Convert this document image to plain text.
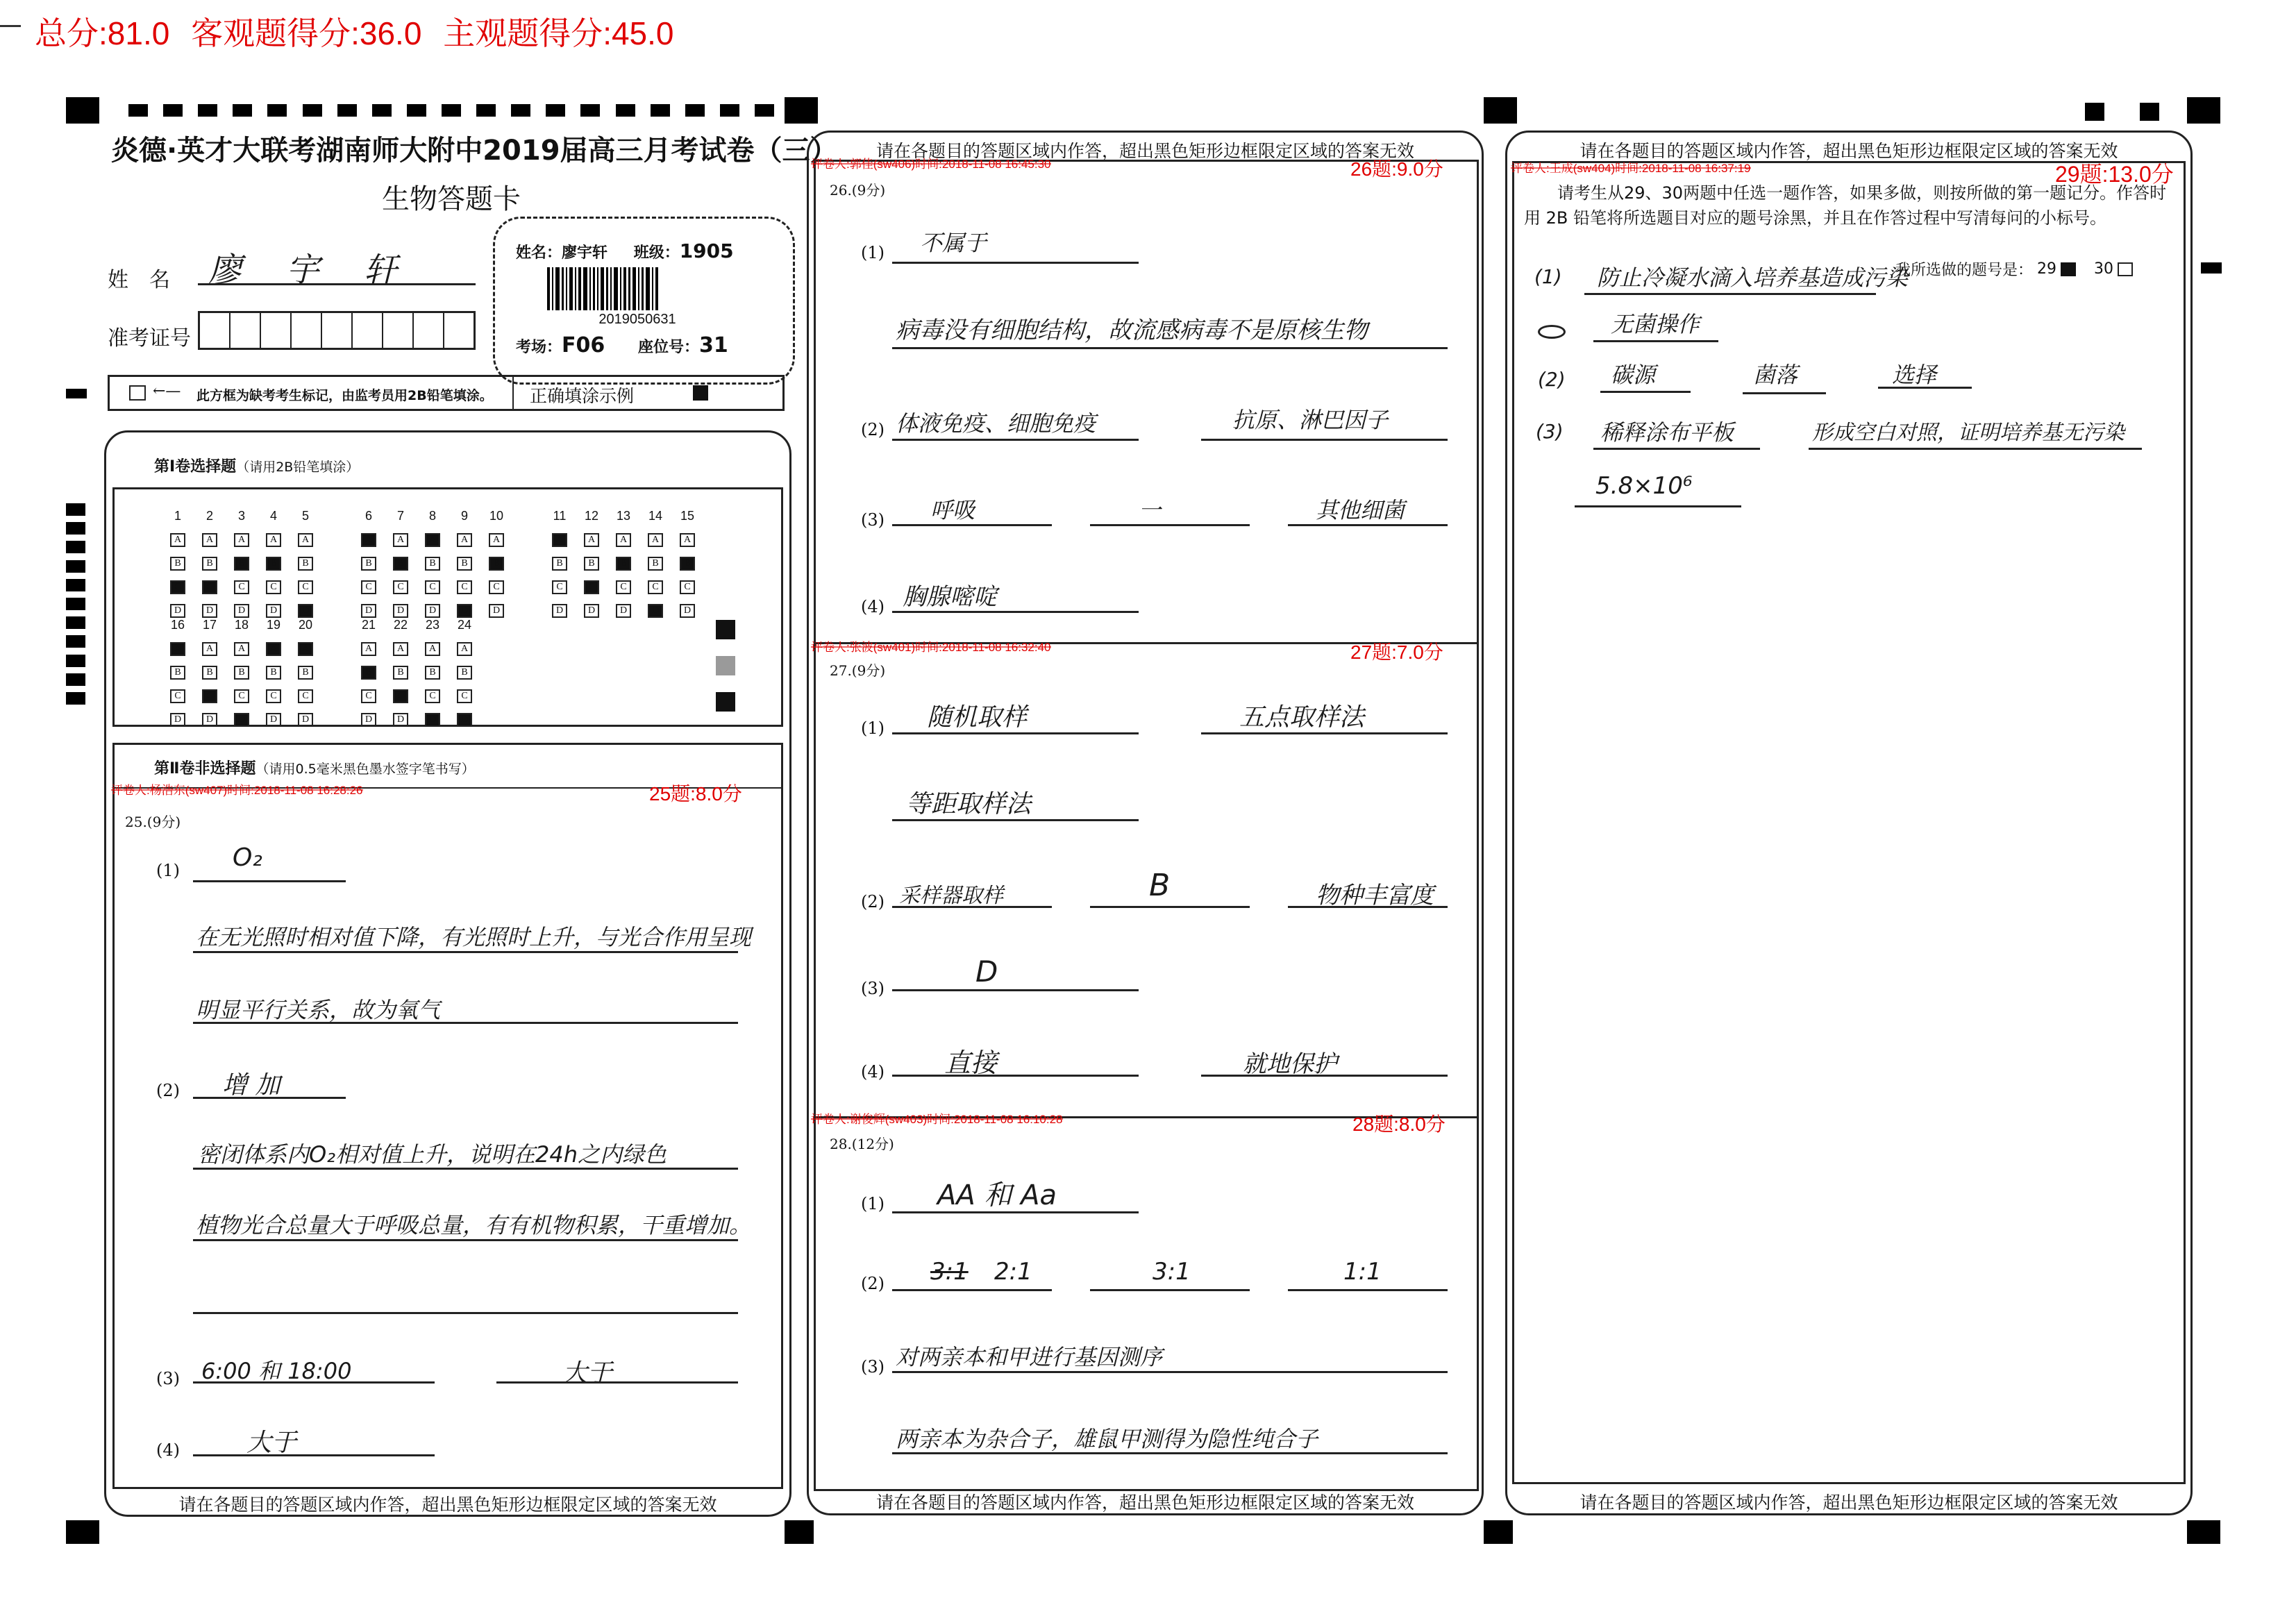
总分:81.0 客观题得分:36.0 主观题得分:45.0
炎德·英才大联考湖南师大附中2019届高三月考试卷（三）
生物答题卡
姓　名 廖　宇　轩
准考证号
姓名：廖宇轩 班级：1905
2019050631
考场：F06 座位号：31
←— 此方框为缺考考生标记，由监考员用2B铅笔填涂。 正确填涂示例
第Ⅰ卷选择题（请用2B铅笔填涂）
1
A
B
C
D
2
A
B
C
D
3
A
B
C
D
4
A
B
C
D
5
A
B
C
D
6
A
B
C
D
7
A
B
C
D
8
A
B
C
D
9
A
B
C
D
10
A
B
C
D
11
A
B
C
D
12
A
B
C
D
13
A
B
C
D
14
A
B
C
D
15
A
B
C
D
16
A
B
C
D
17
A
B
C
D
18
A
B
C
D
19
A
B
C
D
20
A
B
C
D
21
A
B
C
D
22
A
B
C
D
23
A
B
C
D
24
A
B
C
D
第Ⅱ卷非选择题（请用0.5毫米黑色墨水签字笔书写）
评卷人:杨浩东(sw407)时间:2018-11-08 16:28:26	25题:8.0分
25.(9分)
(1) O₂
在无光照时相对值下降，有光照时上升，与光合作用呈现
明显平行关系，故为氧气
(2) 增 加
密闭体系内O₂相对值上升，说明在24h之内绿色
植物光合总量大于呼吸总量，有有机物积累，干重增加。
(3) 6:00 和 18:00	大于
(4)	大于
请在各题目的答题区域内作答，超出黑色矩形边框限定区域的答案无效
请在各题目的答题区域内作答，超出黑色矩形边框限定区域的答案无效
请在各题目的答题区域内作答，超出黑色矩形边框限定区域的答案无效
评卷人:郭佳(sw406)时间:2018-11-08 16:45:30	26题:9.0分
26.(9分)
(1) 不属于
病毒没有细胞结构，故流感病毒不是原核生物
(2) 体液免疫、细胞免疫	抗原、淋巴因子
(3) 呼吸	一	其他细菌
(4) 胸腺嘧啶
评卷人:张波(sw401)时间:2018-11-08 16:32:40	27题:7.0分
27.(9分)
(1) 随机取样	五点取样法
等距取样法
(2) 采样器取样	B	物种丰富度
(3)	D
(4) 直接	就地保护
评卷人:谢俊辉(sw403)时间:2018-11-08 16:10:28	28题:8.0分
28.(12分)
(1) AA 和 Aa
(2) 3:1 2:1	3:1	1:1
(3) 对两亲本和甲进行基因测序
两亲本为杂合子，雄鼠甲测得为隐性纯合子
请在各题目的答题区域内作答，超出黑色矩形边框限定区域的答案无效
请在各题目的答题区域内作答，超出黑色矩形边框限定区域的答案无效
评卷人:王成(sw404)时间:2018-11-08 16:37:19	29题:13.0分
请考生从29、30两题中任选一题作答，如果多做，则按所做的第一题记分。作答时用 2B 铅笔将所选题目对应的题号涂黑，并且在作答过程中写清每问的小标号。
我所选做的题号是： 29 30
(1) 防止冷凝水滴入培养基造成污染
无菌操作
(2) 碳源	菌落	选择
(3) 稀释涂布平板	形成空白对照，证明培养基无污染
5.8×10⁶
